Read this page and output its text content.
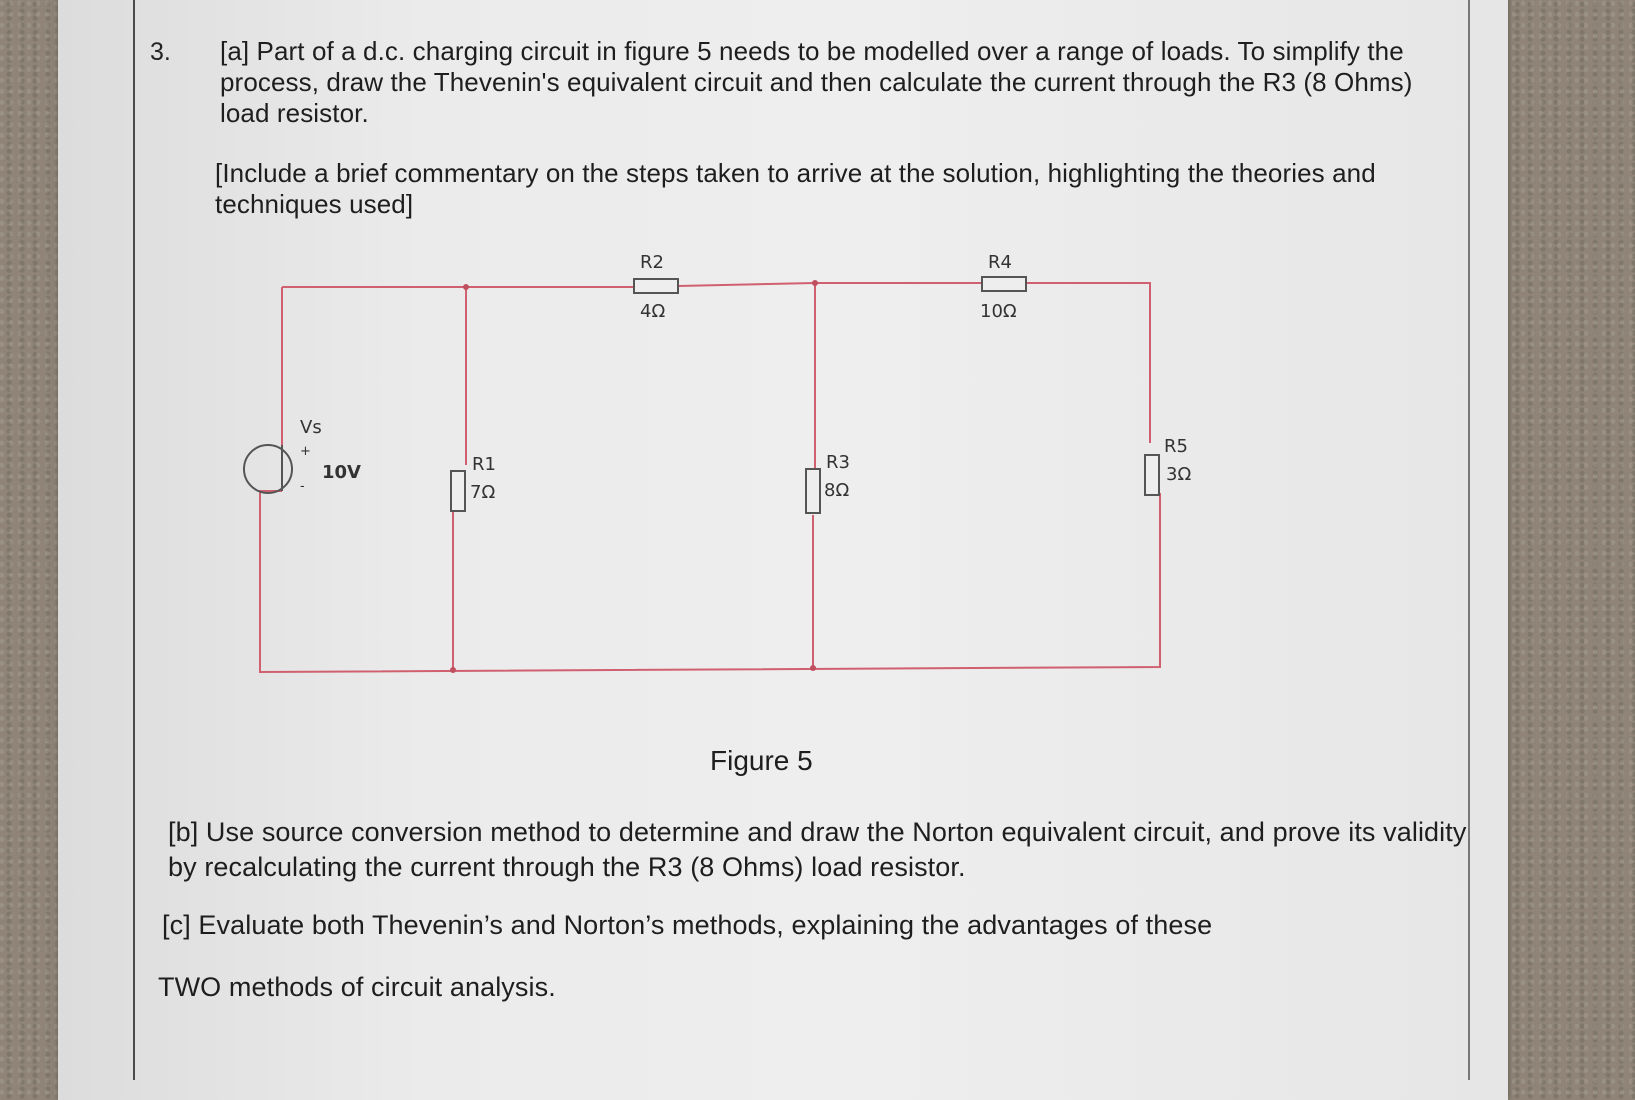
3. [a] Part of a d.c. charging circuit in figure 5 needs to be modelled over a range of loads. To simplify the process, draw the Thevenin's equivalent circuit and then calculate the current through the R3 (8 Ohms) load resistor.
[Include a brief commentary on the steps taken to arrive at the solution, highlighting the theories and techniques used]
Vs
+
-
10V
R2
4Ω
R4
10Ω
R1
7Ω
R3
8Ω
R5
3Ω
Figure 5
[b] Use source conversion method to determine and draw the Norton equivalent circuit, and prove its validity by recalculating the current through the R3 (8 Ohms) load resistor.
[c] Evaluate both Thevenin’s and Norton’s methods, explaining the advantages of these
TWO methods of circuit analysis.
